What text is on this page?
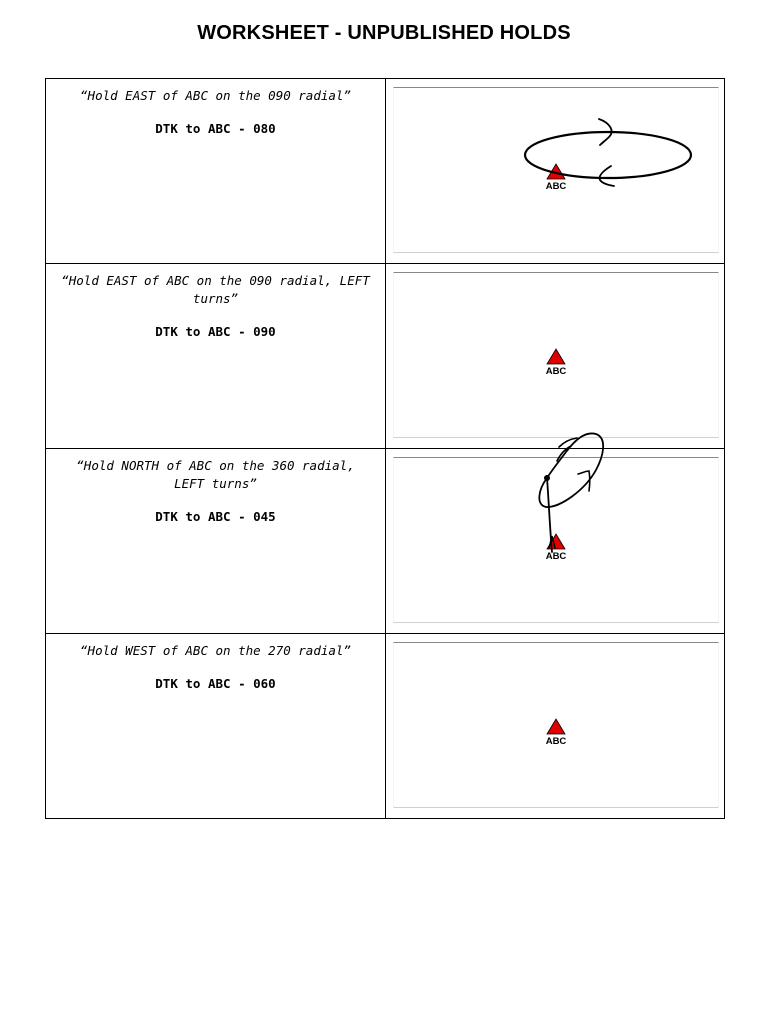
WORKSHEET - UNPUBLISHED HOLDS
“Hold EAST of ABC on the 090 radial”
DTK to ABC - 080	ABC

“Hold EAST of ABC on the 090 radial, LEFT turns”
DTK to ABC - 090	ABC

“Hold NORTH of ABC on the 360 radial, LEFT turns”
DTK to ABC - 045	ABC

“Hold WEST of ABC on the 270 radial”
DTK to ABC - 060	ABC
